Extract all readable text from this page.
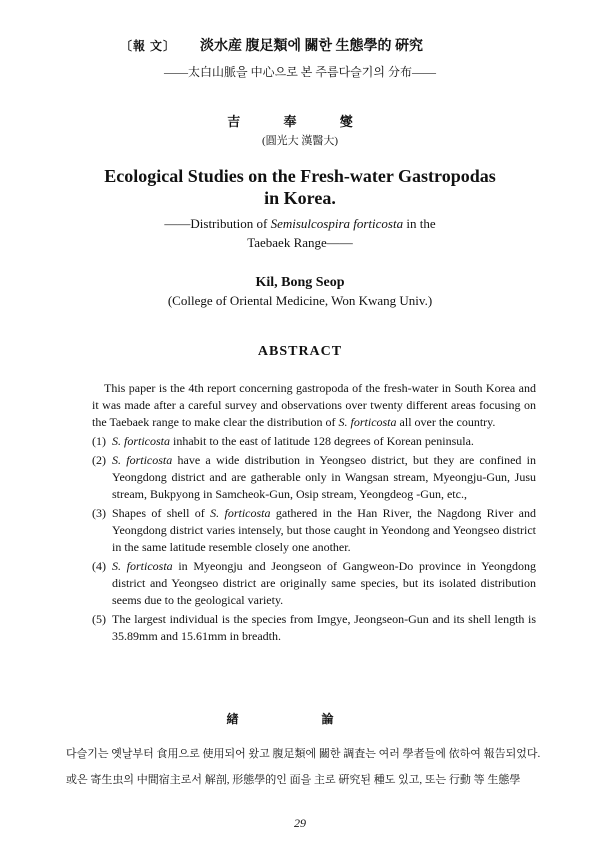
〔報 文〕 淡水産 腹足類에 關한 生態學的 硏究
——太白山脈을 中心으로 본 주름다슬기의 分布——
吉 奉 燮
(圓光大 漢醫大)
Ecological Studies on the Fresh-water Gastropodas
in Korea.
——Distribution of Semisulcospira forticosta in the
Taebaek Range——
Kil, Bong Seop
(College of Oriental Medicine, Won Kwang Univ.)
ABSTRACT

This paper is the 4th report concerning gastropoda of the fresh-water in South Korea and it was made after a careful survey and observations over twenty different areas focusing on the Taebaek range to make clear the distribution of S. forticosta all over the country.

(1) S. forticosta inhabit to the east of latitude 128 degrees of Korean peninsula.
(2) S. forticosta have a wide distribution in Yeongseo district, but they are confined in Yeongdong district and are gatherable only in Wangsan stream, Myeongju-Gun, Jusu stream, Bukpyong in Samcheok-Gun, Osip stream, Yeongdeog -Gun, etc.,
(3) Shapes of shell of S. forticosta gathered in the Han River, the Nagdong River and Yeongdong district varies intensely, but those caught in Yeondong and Yeongseo district in the same latitude resemble closely one another.
(4) S. forticosta in Myeongju and Jeongseon of Gangweon-Do province in Yeongdong district and Yeongseo district are originally same species, but its isolated distribution seems due to the geological variety.
(5) The largest individual is the species from Imgye, Jeongseon-Gun and its shell length is 35.89mm and 15.61mm in breadth.
緖 論

다슬기는 옛날부터 食用으로 使用되어 왔고 腹足類에 關한 調査는 여러 學者들에 依하여 報告되었다.

或은 寄生虫의 中間宿主로서 解剖, 形態學的인 面을 主로 硏究된 種도 있고, 또는 行動 等 生態學

29
